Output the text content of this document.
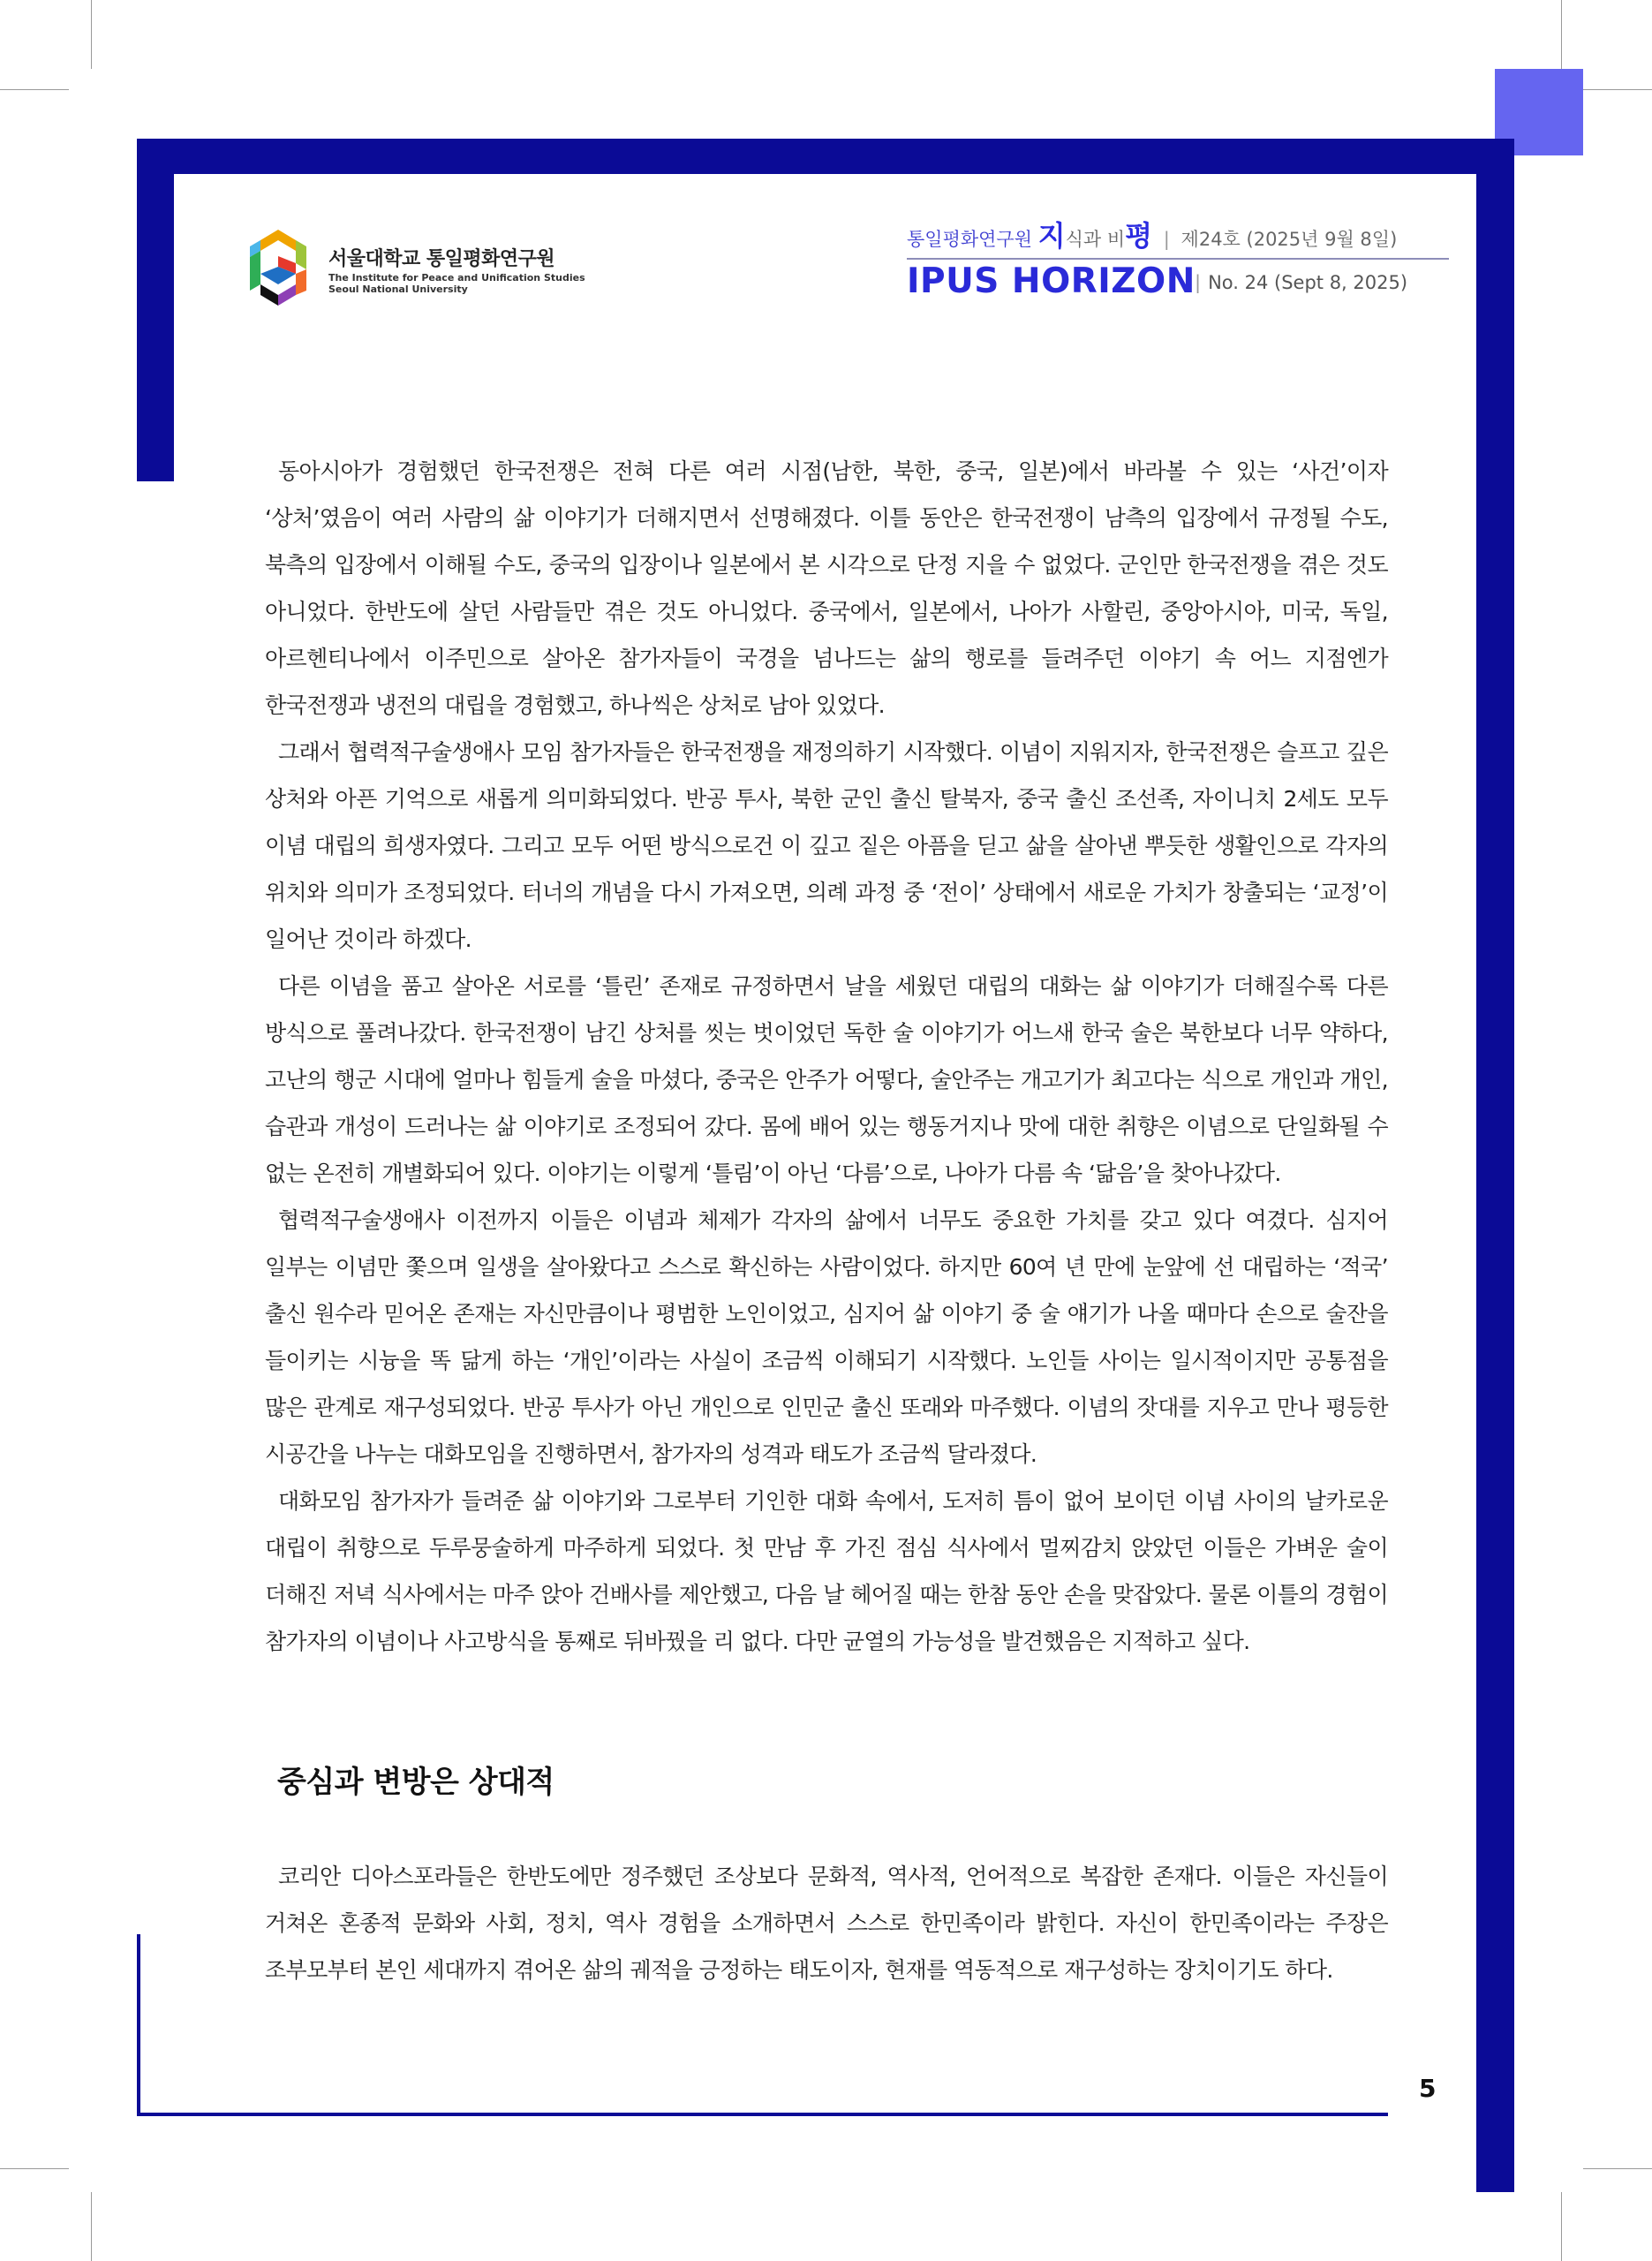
서울대학교 통일평화연구원
The Institute for Peace and Unification Studies
Seoul National University
통일평화연구원 지식과 비평 | 제24호 (2025년 9월 8일)
IPUS HORIZON | No. 24 (Sept 8, 2025)

동아시아가 경험했던 한국전쟁은 전혀 다른 여러 시점(남한, 북한, 중국, 일본)에서 바라볼 수 있는 ‘사건’이자 ‘상처’였음이 여러 사람의 삶 이야기가 더해지면서 선명해졌다. 이틀 동안은 한국전쟁이 남측의 입장에서 규정될 수도, 북측의 입장에서 이해될 수도, 중국의 입장이나 일본에서 본 시각으로 단정 지을 수 없었다. 군인만 한국전쟁을 겪은 것도 아니었다. 한반도에 살던 사람들만 겪은 것도 아니었다. 중국에서, 일본에서, 나아가 사할린, 중앙아시아, 미국, 독일, 아르헨티나에서 이주민으로 살아온 참가자들이 국경을 넘나드는 삶의 행로를 들려주던 이야기 속 어느 지점엔가 한국전쟁과 냉전의 대립을 경험했고, 하나씩은 상처로 남아 있었다.

그래서 협력적구술생애사 모임 참가자들은 한국전쟁을 재정의하기 시작했다. 이념이 지워지자, 한국전쟁은 슬프고 깊은 상처와 아픈 기억으로 새롭게 의미화되었다. 반공 투사, 북한 군인 출신 탈북자, 중국 출신 조선족, 자이니치 2세도 모두 이념 대립의 희생자였다. 그리고 모두 어떤 방식으로건 이 깊고 짙은 아픔을 딛고 삶을 살아낸 뿌듯한 생활인으로 각자의 위치와 의미가 조정되었다. 터너의 개념을 다시 가져오면, 의례 과정 중 ‘전이’ 상태에서 새로운 가치가 창출되는 ‘교정’이 일어난 것이라 하겠다.

다른 이념을 품고 살아온 서로를 ‘틀린’ 존재로 규정하면서 날을 세웠던 대립의 대화는 삶 이야기가 더해질수록 다른 방식으로 풀려나갔다. 한국전쟁이 남긴 상처를 씻는 벗이었던 독한 술 이야기가 어느새 한국 술은 북한보다 너무 약하다, 고난의 행군 시대에 얼마나 힘들게 술을 마셨다, 중국은 안주가 어떻다, 술안주는 개고기가 최고다는 식으로 개인과 개인, 습관과 개성이 드러나는 삶 이야기로 조정되어 갔다. 몸에 배어 있는 행동거지나 맛에 대한 취향은 이념으로 단일화될 수 없는 온전히 개별화되어 있다. 이야기는 이렇게 ‘틀림’이 아닌 ‘다름’으로, 나아가 다름 속 ‘닮음’을 찾아나갔다.

협력적구술생애사 이전까지 이들은 이념과 체제가 각자의 삶에서 너무도 중요한 가치를 갖고 있다 여겼다. 심지어 일부는 이념만 쫓으며 일생을 살아왔다고 스스로 확신하는 사람이었다. 하지만 60여 년 만에 눈앞에 선 대립하는 ‘적국’ 출신 원수라 믿어온 존재는 자신만큼이나 평범한 노인이었고, 심지어 삶 이야기 중 술 얘기가 나올 때마다 손으로 술잔을 들이키는 시늉을 똑 닮게 하는 ‘개인’이라는 사실이 조금씩 이해되기 시작했다. 노인들 사이는 일시적이지만 공통점을 많은 관계로 재구성되었다. 반공 투사가 아닌 개인으로 인민군 출신 또래와 마주했다. 이념의 잣대를 지우고 만나 평등한 시공간을 나누는 대화모임을 진행하면서, 참가자의 성격과 태도가 조금씩 달라졌다.

대화모임 참가자가 들려준 삶 이야기와 그로부터 기인한 대화 속에서, 도저히 틈이 없어 보이던 이념 사이의 날카로운 대립이 취향으로 두루뭉술하게 마주하게 되었다. 첫 만남 후 가진 점심 식사에서 멀찌감치 앉았던 이들은 가벼운 술이 더해진 저녁 식사에서는 마주 앉아 건배사를 제안했고, 다음 날 헤어질 때는 한참 동안 손을 맞잡았다. 물론 이틀의 경험이 참가자의 이념이나 사고방식을 통째로 뒤바꿨을 리 없다. 다만 균열의 가능성을 발견했음은 지적하고 싶다.

중심과 변방은 상대적

코리안 디아스포라들은 한반도에만 정주했던 조상보다 문화적, 역사적, 언어적으로 복잡한 존재다. 이들은 자신들이 거쳐온 혼종적 문화와 사회, 정치, 역사 경험을 소개하면서 스스로 한민족이라 밝힌다. 자신이 한민족이라는 주장은 조부모부터 본인 세대까지 겪어온 삶의 궤적을 긍정하는 태도이자, 현재를 역동적으로 재구성하는 장치이기도 하다.

5
